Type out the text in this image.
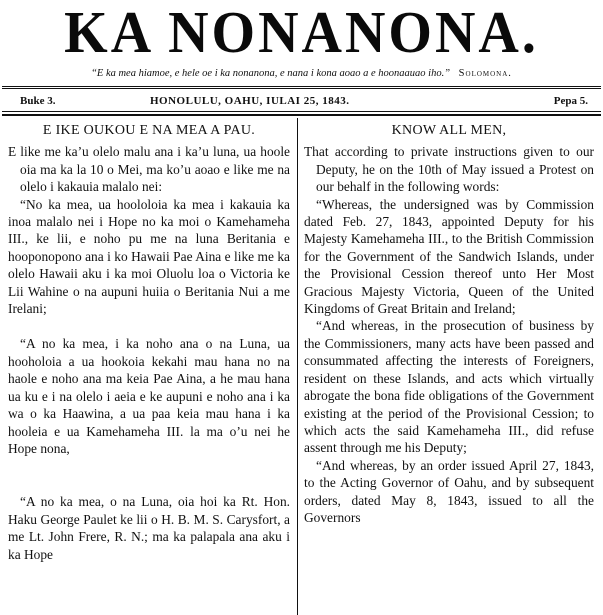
KA NONANONA.
“E ka mea hiamoe, e hele oe i ka nonanona, e nana i kona aoao a e hoonaauao iho.” Solomona.
Buke 3.	HONOLULU, OAHU, IULAI 25, 1843.	Pepa 5.
E IKE OUKOU E NA MEA A PAU.

E like me ka’u olelo malu ana i ka’u luna, ua hoole oia ma ka la 10 o Mei, ma ko’u aoao e like me na olelo i kakauia malalo nei:

“No ka mea, ua hoololoia ka mea i kakauia ka inoa malalo nei i Hope no ka moi o Kamehameha III., ke lii, e noho pu me na luna Beritania e hooponopono ana i ko Hawaii Pae Aina e like me ka olelo Hawaii aku i ka moi Oluolu loa o Victoria ke Lii Wahine o na aupuni huiia o Beritania Nui a me Irelani;

“A no ka mea, i ka noho ana o na Luna, ua hooholoia a ua hookoia kekahi mau hana no na haole e noho ana ma keia Pae Aina, a he mau hana ua ku e i na olelo i aeia e ke aupuni e noho ana i ka wa o ka Haawina, a ua paa keia mau hana i ka hooleia e ua Kamehameha III. la ma o’u nei he Hope nona,

“A no ka mea, o na Luna, oia hoi ka Rt. Hon. Haku George Paulet ke lii o H. B. M. S. Carysfort, a me Lt. John Frere, R. N.; ma ka palapala ana aku i ka Hope

KNOW ALL MEN,

That according to private instructions given to our Deputy, he on the 10th of May issued a Protest on our behalf in the following words:

“Whereas, the undersigned was by Commission dated Feb. 27, 1843, appointed Deputy for his Majesty Kamehameha III., to the British Commission for the Government of the Sandwich Islands, under the Provisional Cession thereof unto Her Most Gracious Majesty Victoria, Queen of the United Kingdoms of Great Britain and Ireland;

“And whereas, in the prosecution of business by the Commissioners, many acts have been passed and consummated affecting the interests of Foreigners, resident on these Islands, and acts which virtually abrogate the bona fide obligations of the Government existing at the period of the Provisional Cession; to which acts the said Kamehameha III., did refuse assent through me his Deputy;

“And whereas, by an order issued April 27, 1843, to the Acting Governor of Oahu, and by subsequent orders, dated May 8, 1843, issued to all the Governors
